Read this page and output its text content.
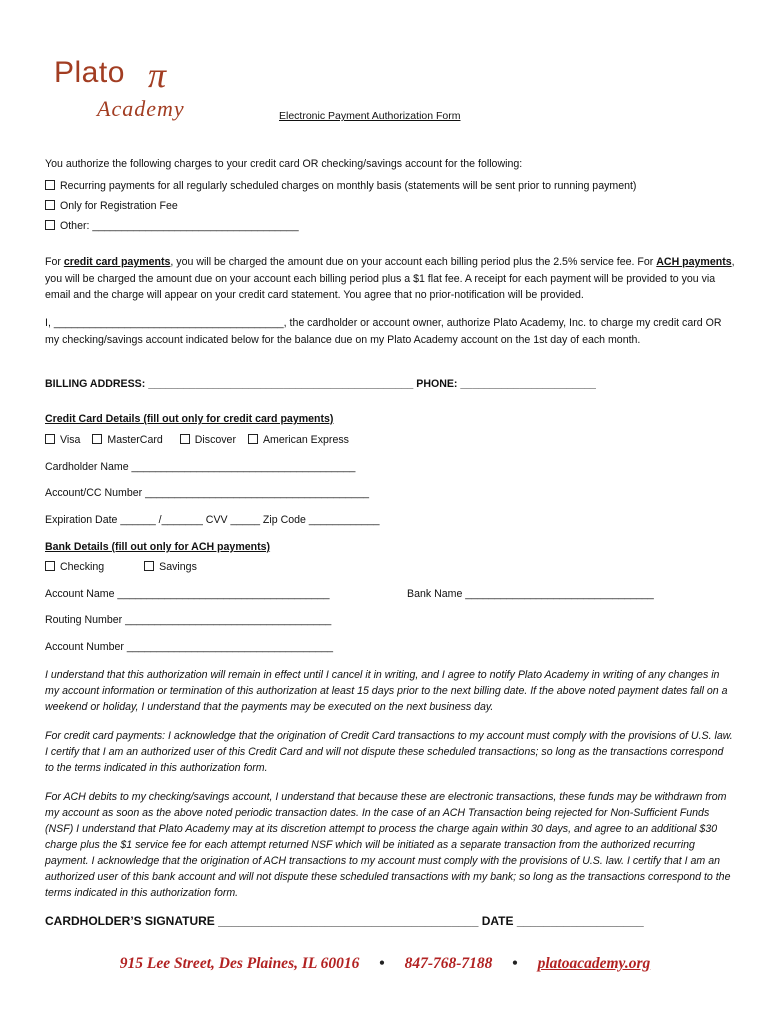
Plato π
Academy	Electronic Payment Authorization Form
You authorize the following charges to your credit card OR checking/savings account for the following:
Recurring payments for all regularly scheduled charges on monthly basis (statements will be sent prior to running payment)
Only for Registration Fee
Other: ___________________________________
For credit card payments, you will be charged the amount due on your account each billing period plus the 2.5% service fee. For ACH payments, you will be charged the amount due on your account each billing period plus a $1 flat fee. A receipt for each payment will be provided to you via email and the charge will appear on your credit card statement. You agree that no prior-notification will be provided.
I, _______________________________________, the cardholder or account owner, authorize Plato Academy, Inc. to charge my credit card OR my checking/savings account indicated below for the balance due on my Plato Academy account on the 1st day of each month.
BILLING ADDRESS: _____________________________________________ PHONE: _______________________
Credit Card Details (fill out only for credit card payments)
Visa	MasterCard	Discover	American Express
Cardholder Name ______________________________________
Account/CC Number ______________________________________
Expiration Date ______ /_______ CVV _____ Zip Code ____________
Bank Details (fill out only for ACH payments)
Checking	Savings
Account Name ____________________________________	Bank Name ________________________________
Routing Number ___________________________________
Account Number ___________________________________
I understand that this authorization will remain in effect until I cancel it in writing, and I agree to notify Plato Academy in writing of any changes in my account information or termination of this authorization at least 15 days prior to the next billing date. If the above noted payment dates fall on a weekend or holiday, I understand that the payments may be executed on the next business day.
For credit card payments: I acknowledge that the origination of Credit Card transactions to my account must comply with the provisions of U.S. law. I certify that I am an authorized user of this Credit Card and will not dispute these scheduled transactions; so long as the transactions correspond to the terms indicated in this authorization form.
For ACH debits to my checking/savings account, I understand that because these are electronic transactions, these funds may be withdrawn from my account as soon as the above noted periodic transaction dates. In the case of an ACH Transaction being rejected for Non-Sufficient Funds (NSF) I understand that Plato Academy may at its discretion attempt to process the charge again within 30 days, and agree to an additional $30 charge plus the $1 service fee for each attempt returned NSF which will be initiated as a separate transaction from the authorized recurring payment. I acknowledge that the origination of ACH transactions to my account must comply with the provisions of U.S. law. I certify that I am an authorized user of this bank account and will not dispute these scheduled transactions with my bank; so long as the transactions correspond to the terms indicated in this authorization form.
CARDHOLDER’S SIGNATURE _______________________________________ DATE ___________________
915 Lee Street, Des Plaines, IL 60016 • 847-768-7188 • platoacademy.org
